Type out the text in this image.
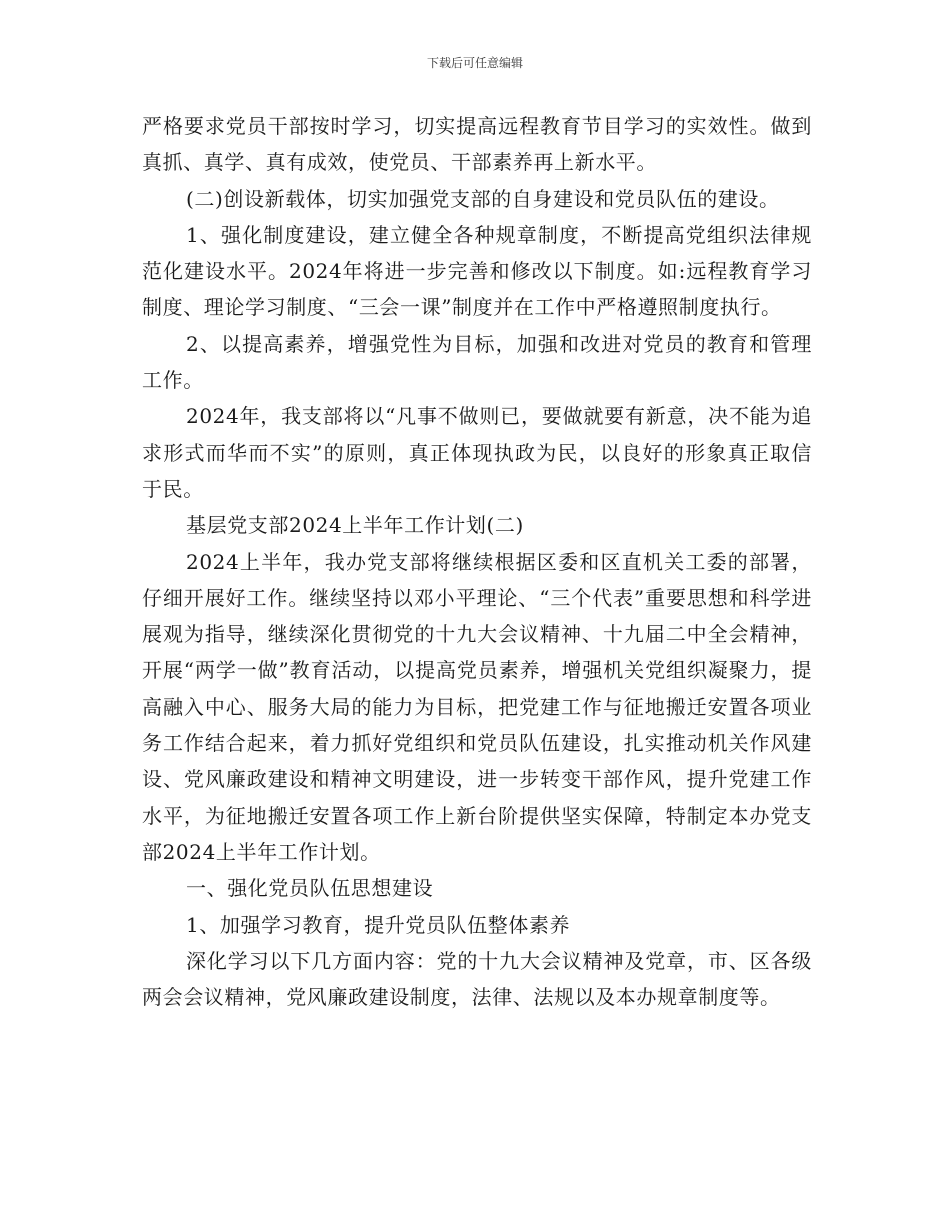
下载后可任意编辑

严格要求党员干部按时学习，切实提高远程教育节目学习的实效性。做到真抓、真学、真有成效，使党员、干部素养再上新水平。

(二)创设新载体，切实加强党支部的自身建设和党员队伍的建设。

1、强化制度建设，建立健全各种规章制度，不断提高党组织法律规范化建设水平。2024年将进一步完善和修改以下制度。如:远程教育学习制度、理论学习制度、“三会一课”制度并在工作中严格遵照制度执行。

2、以提高素养，增强党性为目标，加强和改进对党员的教育和管理工作。

2024年，我支部将以“凡事不做则已，要做就要有新意，决不能为追求形式而华而不实”的原则，真正体现执政为民，以良好的形象真正取信于民。

基层党支部2024上半年工作计划(二)

2024上半年，我办党支部将继续根据区委和区直机关工委的部署，仔细开展好工作。继续坚持以邓小平理论、“三个代表”重要思想和科学进展观为指导，继续深化贯彻党的十九大会议精神、十九届二中全会精神，开展“两学一做”教育活动，以提高党员素养，增强机关党组织凝聚力，提高融入中心、服务大局的能力为目标，把党建工作与征地搬迁安置各项业务工作结合起来，着力抓好党组织和党员队伍建设，扎实推动机关作风建设、党风廉政建设和精神文明建设，进一步转变干部作风，提升党建工作水平，为征地搬迁安置各项工作上新台阶提供坚实保障，特制定本办党支部2024上半年工作计划。

一、强化党员队伍思想建设

1、加强学习教育，提升党员队伍整体素养

深化学习以下几方面内容：党的十九大会议精神及党章，市、区各级两会会议精神，党风廉政建设制度，法律、法规以及本办规章制度等。
